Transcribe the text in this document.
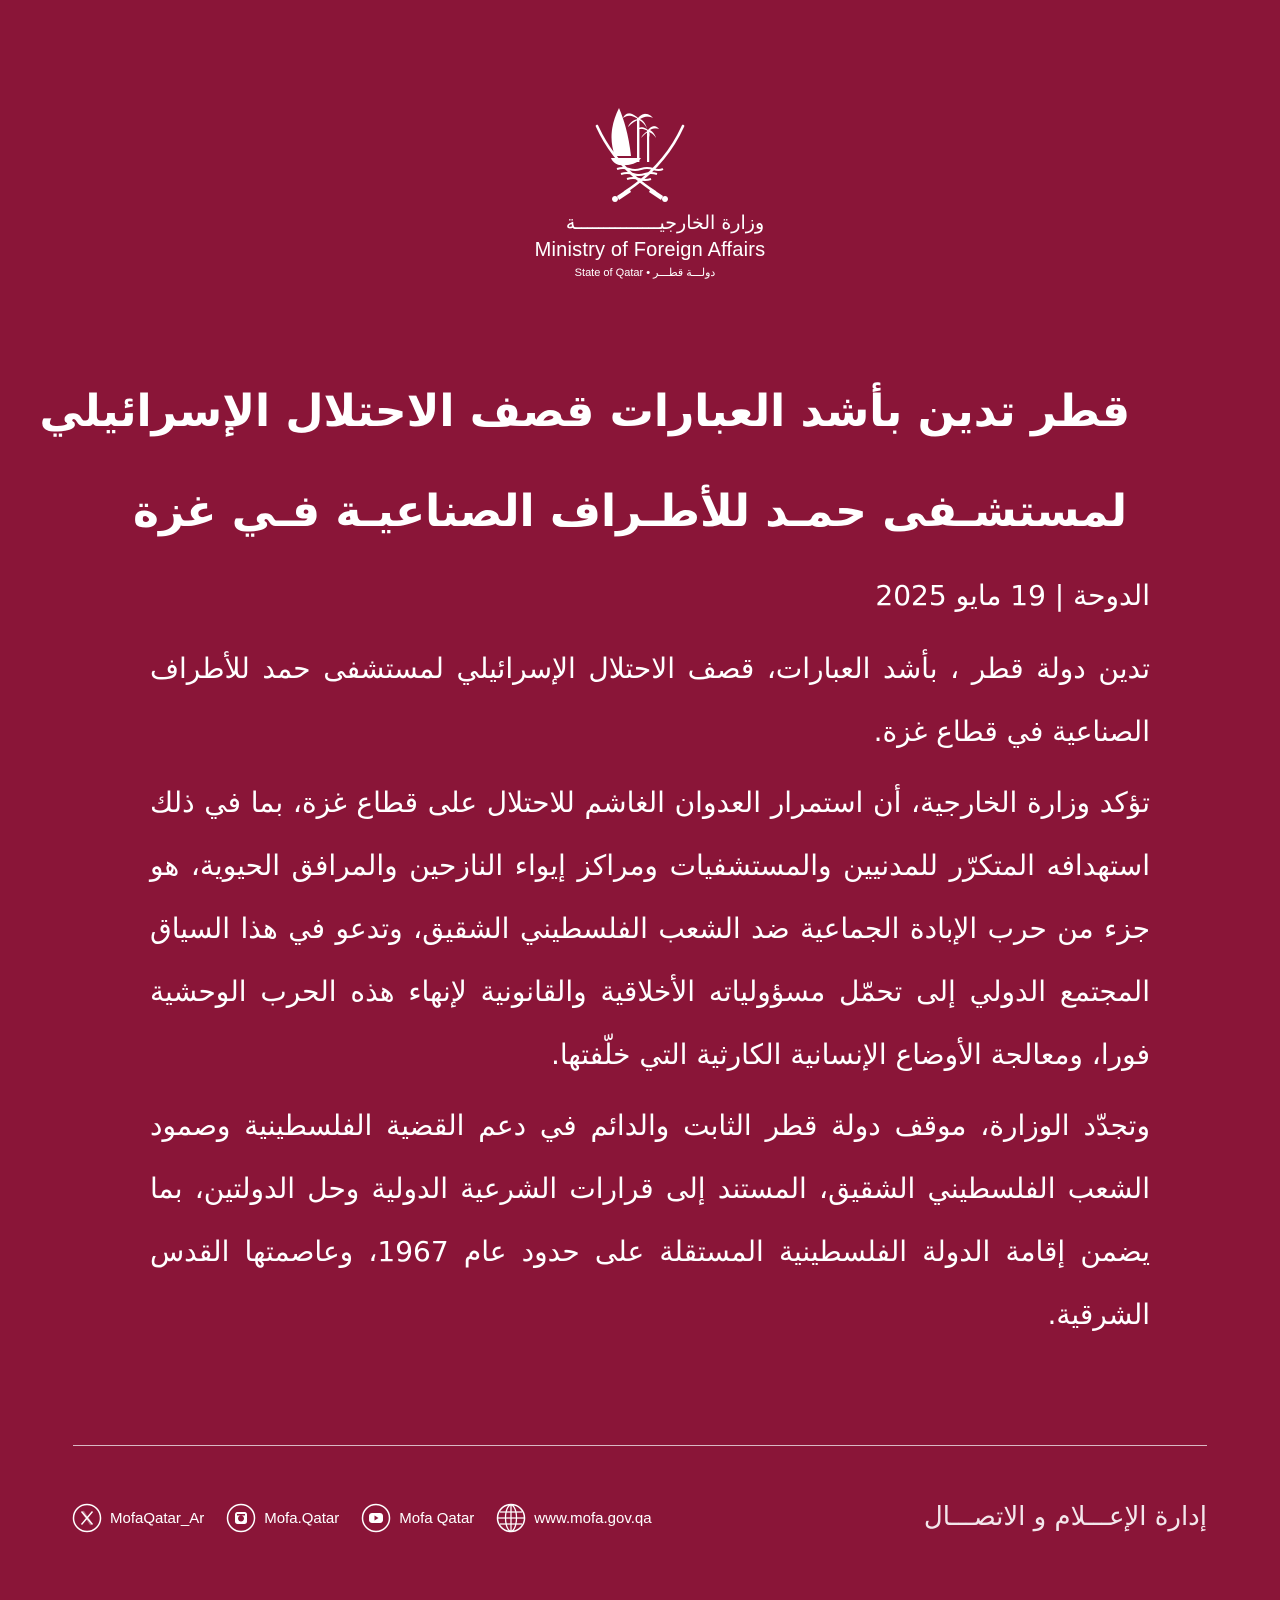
وزارة الخارجيـــــــــــــــة
Ministry of Foreign Affairs
State of Qatar • دولـــة قطـــر
قطر تدين بأشد العبارات قصف الاحتلال الإسرائيلي
لمستشـفى حمـد للأطـراف الصناعيـة فـي غزة

الدوحة | 19 مايو 2025

تدين دولة قطر ، بأشد العبارات، قصف الاحتلال الإسرائيلي لمستشفى حمد للأطراف الصناعية في قطاع غزة.

تؤكد وزارة الخارجية، أن استمرار العدوان الغاشم للاحتلال على قطاع غزة، بما في ذلك استهدافه المتكرّر للمدنيين والمستشفيات ومراكز إيواء النازحين والمرافق الحيوية، هو جزء من حرب الإبادة الجماعية ضد الشعب الفلسطيني الشقيق، وتدعو في هذا السياق المجتمع الدولي إلى تحمّل مسؤولياته الأخلاقية والقانونية لإنهاء هذه الحرب الوحشية فورا، ومعالجة الأوضاع الإنسانية الكارثية التي خلّفتها.

وتجدّد الوزارة، موقف دولة قطر الثابت والدائم في دعم القضية الفلسطينية وصمود الشعب الفلسطيني الشقيق، المستند إلى قرارات الشرعية الدولية وحل الدولتين، بما يضمن إقامة الدولة الفلسطينية المستقلة على حدود عام 1967، وعاصمتها القدس الشرقية.

إدارة الإعـــلام و الاتصـــال
MofaQatar_Ar	Mofa.Qatar	Mofa Qatar	www.mofa.gov.qa
